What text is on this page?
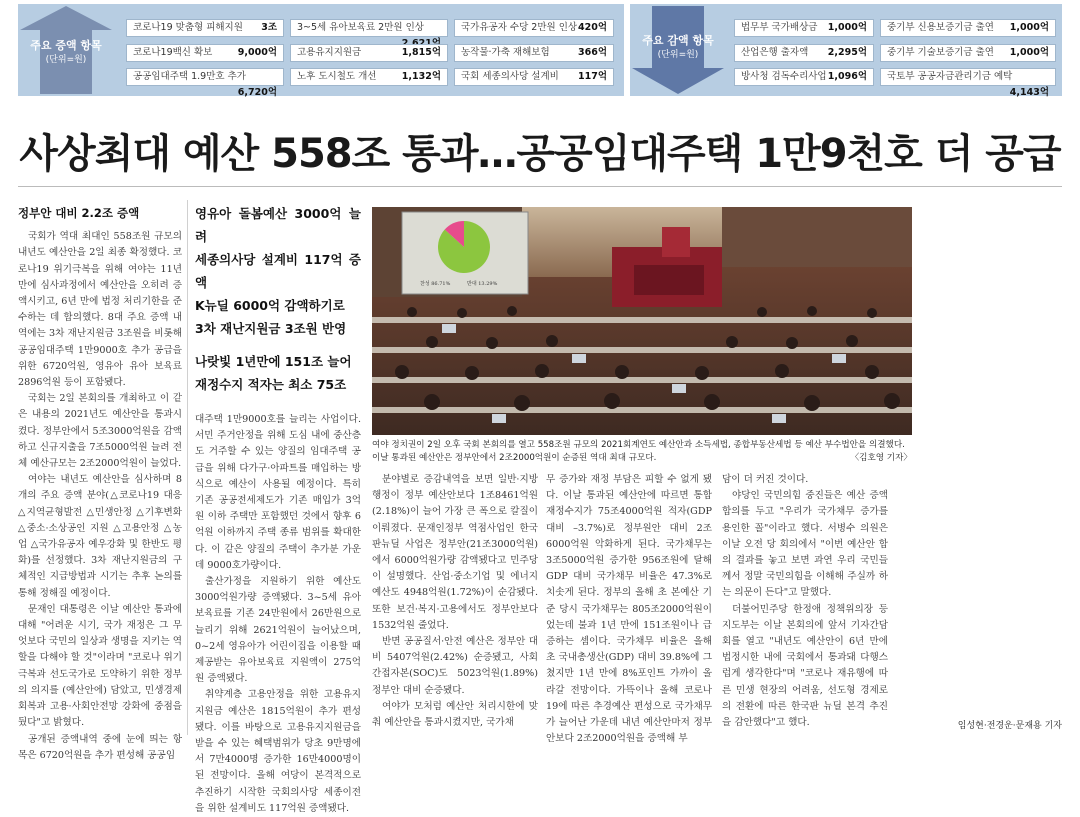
주요 증액 항목
(단위=원)
코로나19 맞춤형 피해지원 3조
코로나19백신 확보	9,000억
공공임대주택 1.9만호 추가
6,720억
3~5세 유아보육료 2만원 인상
고용유지지원금	1,815억
노후 도시철도 개선	1,132억
국가유공자 수당 2만원 인상 420억
농작물·가축 재해보험	366억
국회 세종의사당 설계비 117억
주요 감액 항목
(단위=원)
법무부 국가배상금 1,000억
산업은행 출자액 2,295억
방사청 검독수리사업 1,096억
중기부 신용보증기금 출연 1,000억
중기부 기술보증기금 출연 1,000억
국토부 공공자금관리기금 예탁
4,143억
사상최대 예산 558조 통과…공공임대주택 1만9천호 더 공급
정부안 대비 2.2조 증액

국회가 역대 최대인 558조원 규모의 내년도 예산안을 2일 최종 확정했다. 코로나19 위기극복을 위해 여야는 11년 만에 심사과정에서 예산안을 오히려 증액시키고, 6년 만에 법정 처리기한을 준수하는 데 합의했다. 8대 주요 증액 내역에는 3차 재난지원금 3조원을 비롯해 공공임대주택 1만9000호 추가 공급을 위한 6720억원, 영유아 유아 보육료 2896억원 등이 포함됐다.

국회는 2일 본회의를 개최하고 이 같은 내용의 2021년도 예산안을 통과시켰다. 정부안에서 5조3000억원을 감액하고 신규지출을 7조5000억원 늘려 전체 예산규모는 2조2000억원이 늘었다.

여야는 내년도 예산안을 심사하며 8개의 주요 증액 분야(△코로나19 대응 △지역균형발전 △민생안정 △기후변화 △중소·소상공인 지원 △고용안정 △농업 △국가유공자 예우강화 및 한반도 평화)를 선정했다. 3차 재난지원금의 구체적인 지급방법과 시기는 추후 논의를 통해 정해질 예정이다.

문재인 대통령은 이날 예산안 통과에 대해 "어려운 시기, 국가 재정은 그 무엇보다 국민의 일상과 생명을 지키는 역할을 다해야 할 것"이라며 "코로나 위기극복과 선도국가로 도약하기 위한 정부의 의지를 (예산안에) 담았고, 민생경제 회복과 고용·사회안전망 강화에 중점을 뒀다"고 밝혔다.

공개된 증액내역 중에 눈에 띄는 항목은 6720억원을 추가 편성해 공공임

영유아 돌봄예산 3000억 늘려
세종의사당 설계비 117억 증액
K뉴딜 6000억 감액하기로
3차 재난지원금 3조원 반영
나랏빛 1년만에 151조 늘어
재정수지 적자는 최소 75조

대주택 1만9000호를 늘리는 사업이다. 서민 주거안정을 위해 도심 내에 중산층도 거주할 수 있는 양질의 임대주택 공급을 위해 다가구·아파트를 매입하는 방식으로 예산이 사용될 예정이다. 특히 기존 공공전세제도가 기존 매입가 3억원 이하 주택만 포함했던 것에서 향후 6억원 이하까지 주택 종류 범위를 확대한다. 이 같은 양질의 주택이 추가분 가운데 9000호가량이다.

출산가정을 지원하기 위한 예산도 3000억원가량 증액됐다. 3~5세 유아 보육료를 기존 24만원에서 26만원으로 늘리기 위해 2621억원이 늘어났으며, 0~2세 영유아가 어린이집을 이용할 때 제공받는 유아보육료 지원액이 275억원 증액됐다.

취약계층 고용안정을 위한 고용유지 지원금 예산은 1815억원이 추가 편성됐다. 이를 바탕으로 고용유지지원금을 받을 수 있는 혜택범위가 당초 9만명에서 7만4000명 증가한 16만4000명이 된 전망이다. 올해 여당이 본격적으로 추진하기 시작한 국회의사당 세종이전을 위한 설계비도 117억원 증액됐다.

찬성 86.71%	반대 13.29%
여야 정치권이 2일 오후 국회 본회의를 열고 558조원 규모의 2021회계연도 예산안과 소득세법, 종합부동산세법 등 예산 부수법안을 의결했다. 이날 통과된 예산안은 정부안에서 2조2000억원이 순증된 역대 최대 규모다.	〈김호영 기자〉

분야별로 증감내역을 보면 일반·지방행정이 정부 예산안보다 1조8461억원(2.18%)이 늘어 가장 큰 폭으로 칼질이 이뤄졌다. 문재인정부 역점사업인 한국판뉴딜 사업은 정부안(21조3000억원)에서 6000억원가량 감액됐다고 민주당이 설명했다. 산업·중소기업 및 에너지 예산도 4948억원(1.72%)이 순감됐다. 또한 보건·복지·고용에서도 정부안보다 1532억원 줄었다.

반면 공공질서·안전 예산은 정부안 대비 5407억원(2.42%) 순증됐고, 사회간접자본(SOC)도 5023억원(1.89%) 정부안 대비 순증됐다.

여야가 모처럼 예산안 처리시한에 맞춰 예산안을 통과시켰지만, 국가채

무 증가와 재정 부담은 피할 수 없게 됐다. 이날 통과된 예산안에 따르면 통합재정수지가 75조4000억원 적자(GDP 대비 –3.7%)로 정부원안 대비 2조6000억원 악화하게 된다. 국가채무는 3조5000억원 증가한 956조원에 달해 GDP 대비 국가채무 비율은 47.3%로 치솟게 된다. 정부의 올해 초 본예산 기준 당시 국가채무는 805조2000억원이었는데 불과 1년 만에 151조원이나 급증하는 셈이다. 국가채무 비율은 올해 초 국내총생산(GDP) 대비 39.8%에 그쳤지만 1년 만에 8%포인트 가까이 올라갈 전망이다. 가뜩이나 올해 코로나19에 따른 추경예산 편성으로 국가채무가 늘어난 가운데 내년 예산안마저 정부안보다 2조2000억원을 증액해 부

담이 더 커진 것이다.

야당인 국민의힘 중진들은 예산 증액 합의를 두고 "우리가 국가채무 증가를 용인한 꼴"이라고 했다. 서병수 의원은 이날 오전 당 회의에서 "이번 예산안 합의 결과를 놓고 보면 과연 우리 국민들께서 정말 국민의힘을 이해해 주실까 하는 의문이 든다"고 말했다.

더불어민주당 한정애 정책위의장 등 지도부는 이날 본회의에 앞서 기자간담회를 열고 "내년도 예산안이 6년 만에 법정시한 내에 국회에서 통과돼 다행스럽게 생각한다"며 "코로나 재유행에 따른 민생 현장의 어려움, 선도형 경제로의 전환에 따른 한국판 뉴딜 본격 추진을 감안했다"고 했다.	임성현·전경운·문재용 기자
